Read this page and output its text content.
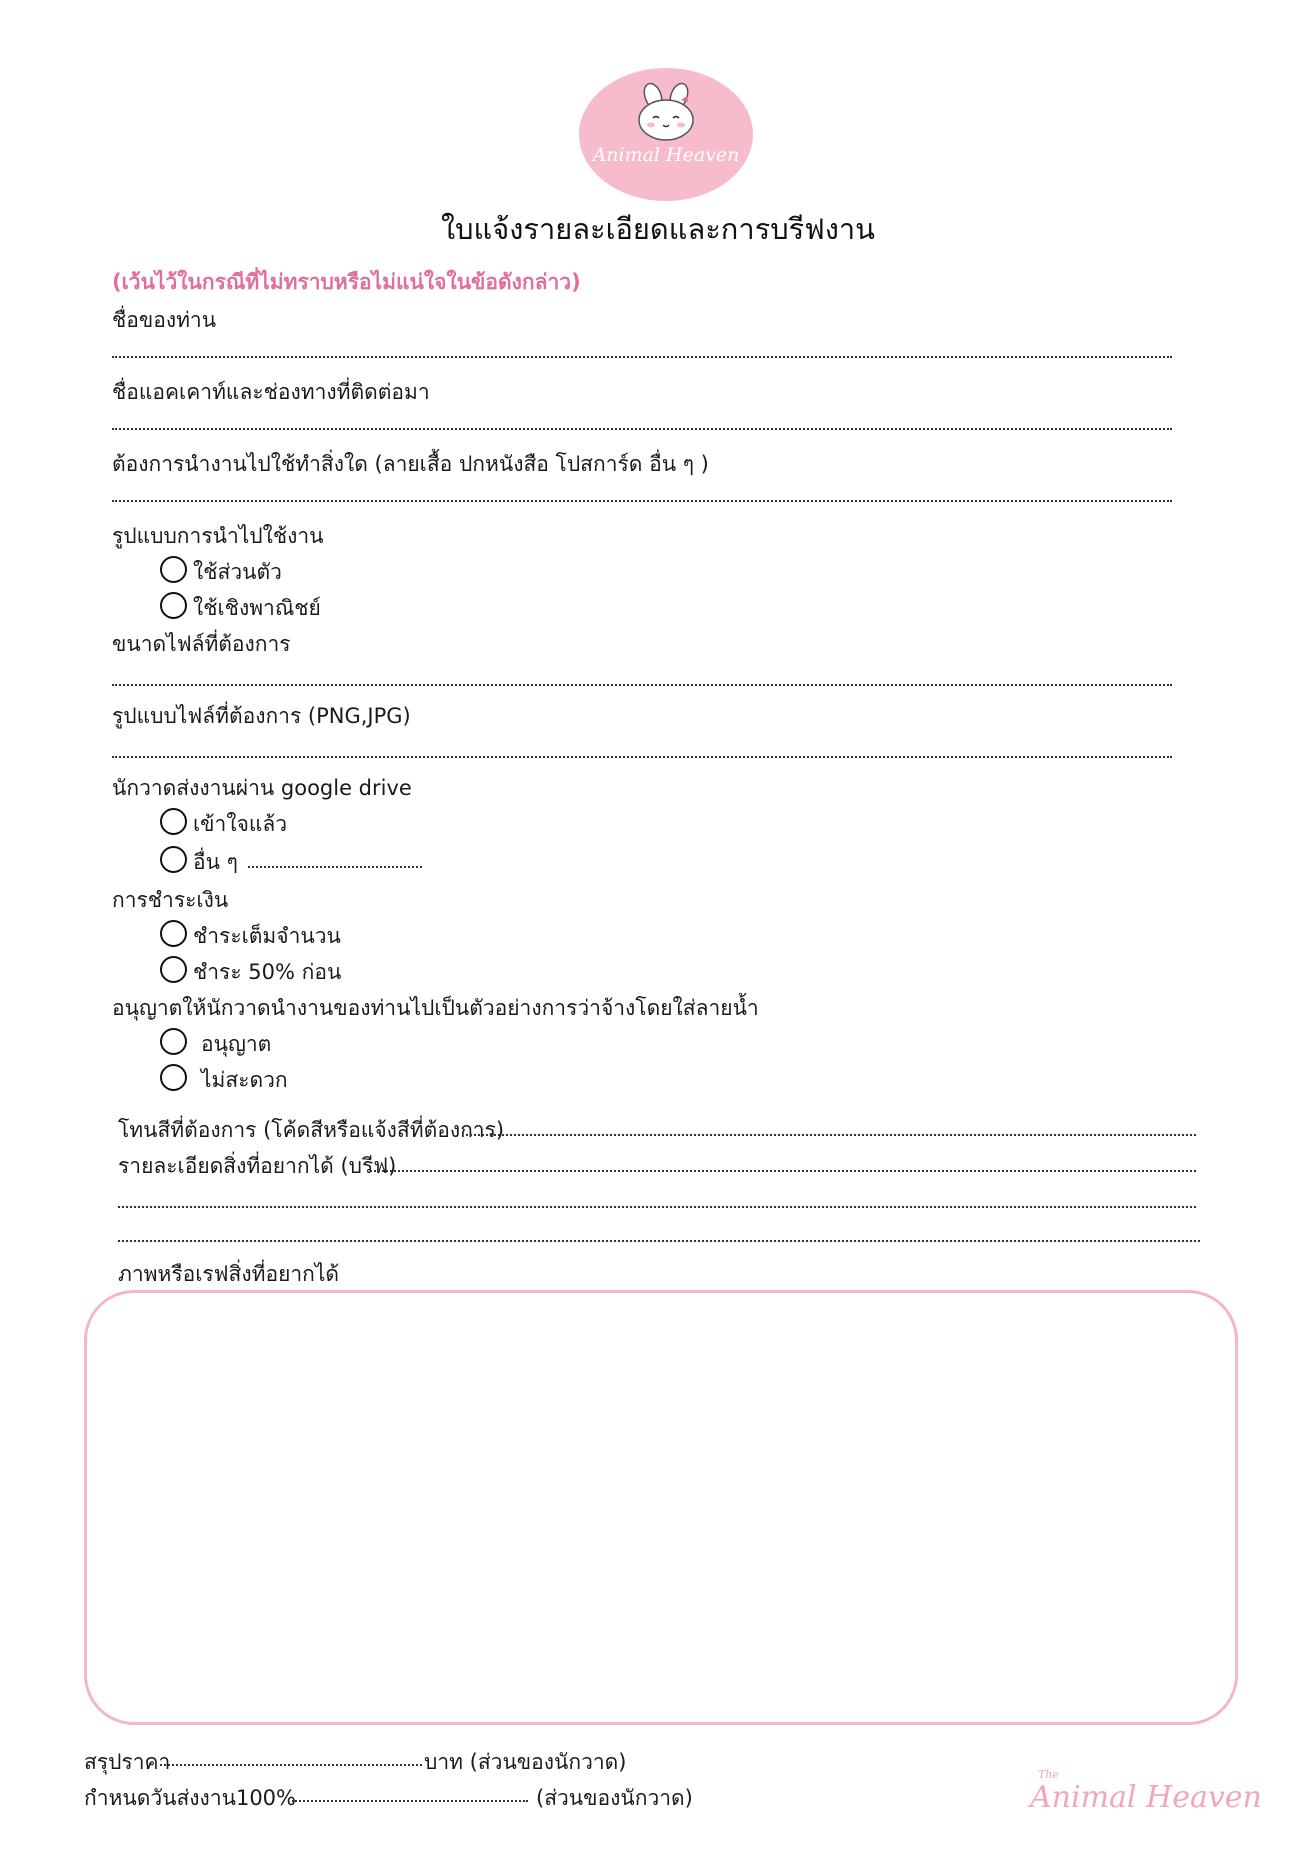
Animal Heaven
ใบแจ้งรายละเอียดและการบรีฟงาน
(เว้นไว้ในกรณีที่ไม่ทราบหรือไม่แน่ใจในข้อดังกล่าว)
ชื่อของท่าน
ชื่อแอคเคาท์และช่องทางที่ติดต่อมา
ต้องการนำงานไปใช้ทำสิ่งใด (ลายเสื้อ ปกหนังสือ โปสการ์ด อื่น ๆ )
รูปแบบการนำไปใช้งาน
ใช้ส่วนตัว
ใช้เชิงพาณิชย์
ขนาดไฟล์ที่ต้องการ
รูปแบบไฟล์ที่ต้องการ (PNG,JPG)
นักวาดส่งงานผ่าน google drive
เข้าใจแล้ว
อื่น ๆ
การชำระเงิน
ชำระเต็มจำนวน
ชำระ 50% ก่อน
อนุญาตให้นักวาดนำงานของท่านไปเป็นตัวอย่างการว่าจ้างโดยใส่ลายน้ำ
อนุญาต
ไม่สะดวก
โทนสีที่ต้องการ (โค้ดสีหรือแจ้งสีที่ต้องการ)
รายละเอียดสิ่งที่อยากได้ (บรีฟ)
ภาพหรือเรฟสิ่งที่อยากได้
สรุปราคา	บาท (ส่วนของนักวาด)
กำหนดวันส่งงาน100%	(ส่วนของนักวาด)
The
Animal Heaven
